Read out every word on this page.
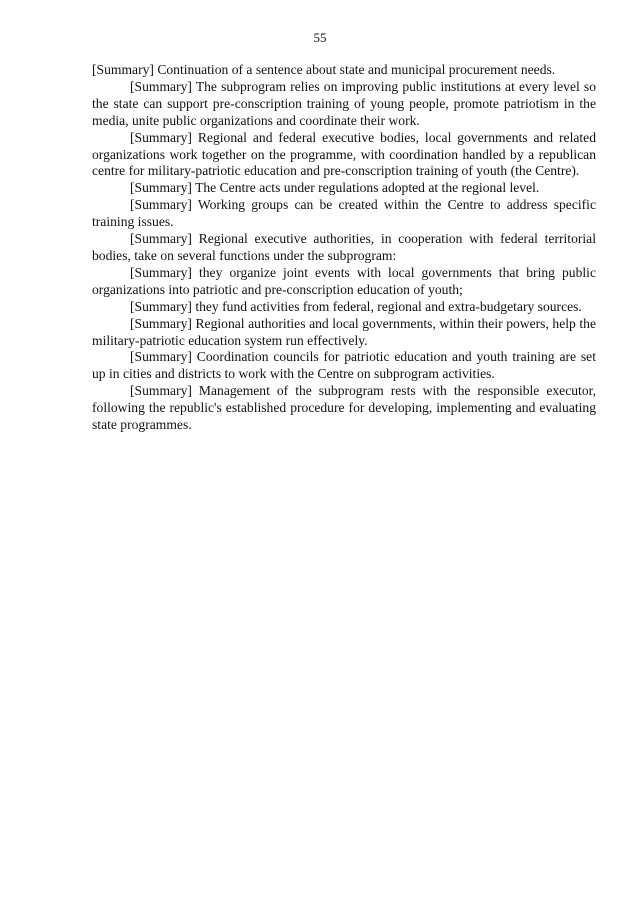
55

[Summary] Continuation of a sentence about state and municipal procurement needs.

[Summary] The subprogram relies on improving public institutions at every level so the state can support pre-conscription training of young people, promote patriotism in the media, unite public organizations and coordinate their work.

[Summary] Regional and federal executive bodies, local governments and related organizations work together on the programme, with coordination handled by a republican centre for military-patriotic education and pre-conscription training of youth (the Centre).

[Summary] The Centre acts under regulations adopted at the regional level.

[Summary] Working groups can be created within the Centre to address specific training issues.

[Summary] Regional executive authorities, in cooperation with federal territorial bodies, take on several functions under the subprogram:

[Summary] they organize joint events with local governments that bring public organizations into patriotic and pre-conscription education of youth;

[Summary] they fund activities from federal, regional and extra-budgetary sources.

[Summary] Regional authorities and local governments, within their powers, help the military-patriotic education system run effectively.

[Summary] Coordination councils for patriotic education and youth training are set up in cities and districts to work with the Centre on subprogram activities.

[Summary] Management of the subprogram rests with the responsible executor, following the republic's established procedure for developing, implementing and evaluating state programmes.
